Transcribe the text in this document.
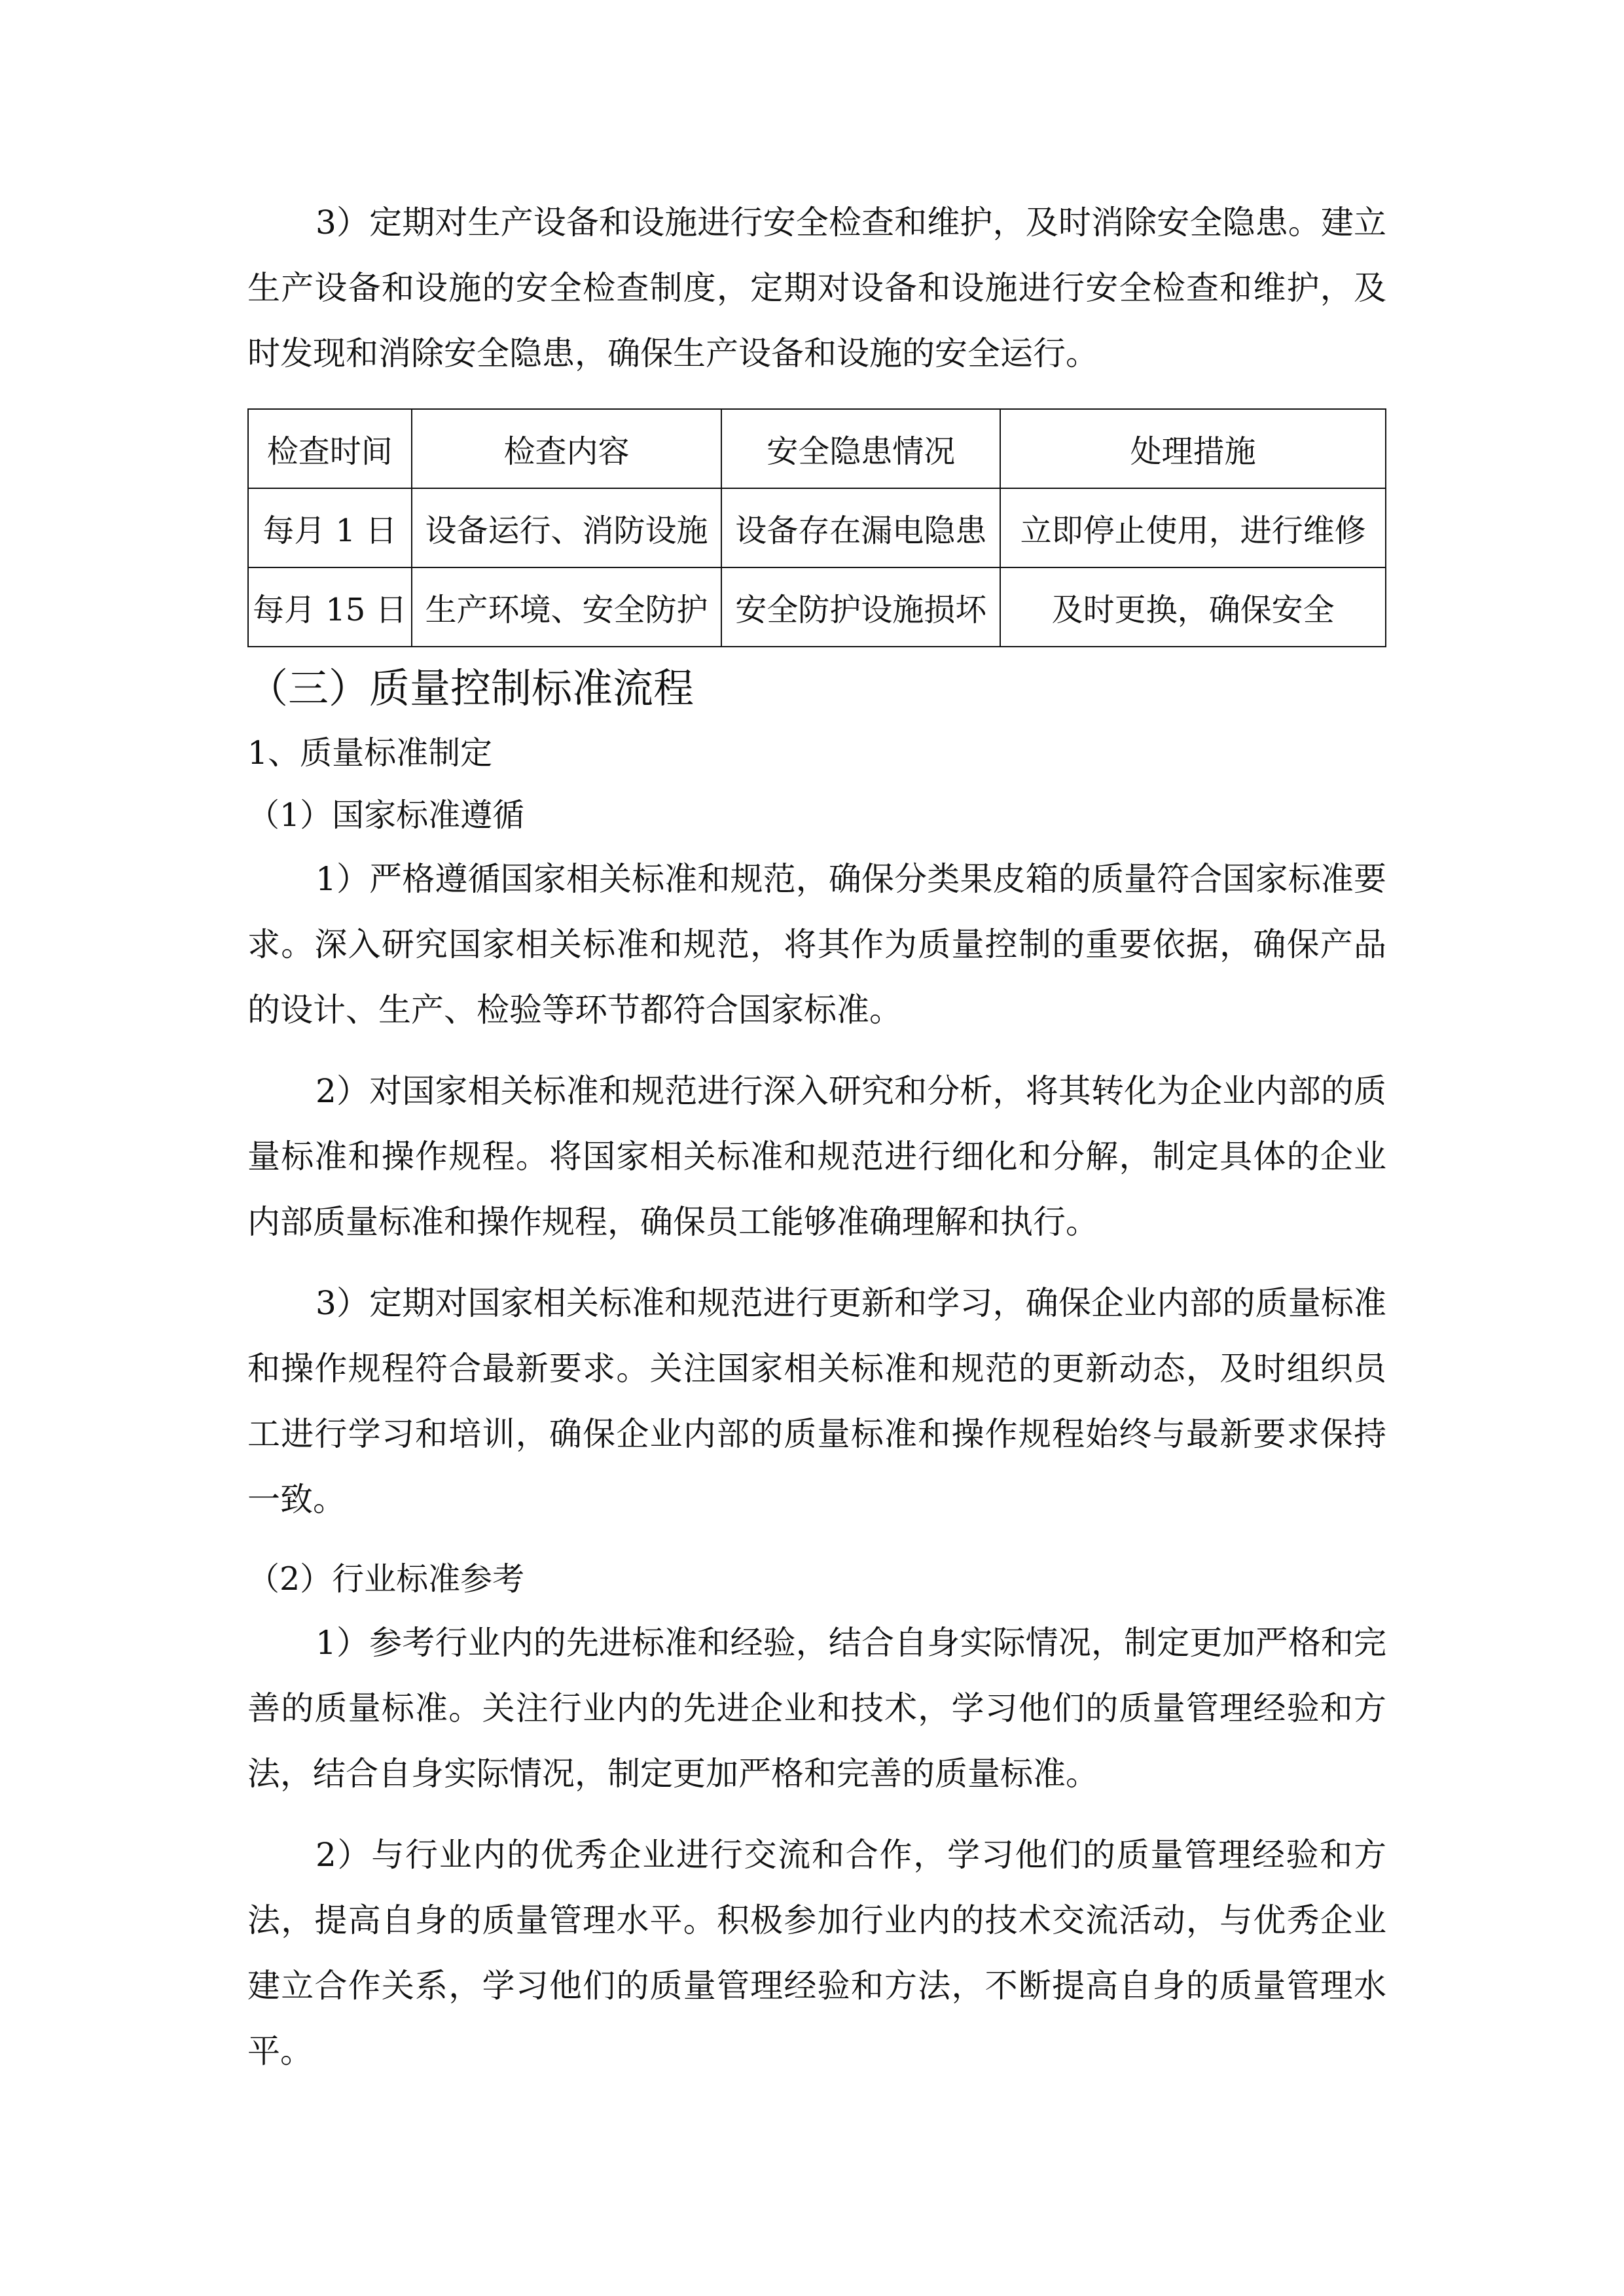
3）定期对生产设备和设施进行安全检查和维护，及时消除安全隐患。建立生产设备和设施的安全检查制度，定期对设备和设施进行安全检查和维护，及时发现和消除安全隐患，确保生产设备和设施的安全运行。

检查时间	检查内容	安全隐患情况	处理措施
每月 1 日	设备运行、消防设施	设备存在漏电隐患	立即停止使用，进行维修
每月 15 日	生产环境、安全防护	安全防护设施损坏	及时更换，确保安全

（三）质量控制标准流程

1、质量标准制定

（1）国家标准遵循

1）严格遵循国家相关标准和规范，确保分类果皮箱的质量符合国家标准要求。深入研究国家相关标准和规范，将其作为质量控制的重要依据，确保产品的设计、生产、检验等环节都符合国家标准。

2）对国家相关标准和规范进行深入研究和分析，将其转化为企业内部的质量标准和操作规程。将国家相关标准和规范进行细化和分解，制定具体的企业内部质量标准和操作规程，确保员工能够准确理解和执行。

3）定期对国家相关标准和规范进行更新和学习，确保企业内部的质量标准和操作规程符合最新要求。关注国家相关标准和规范的更新动态，及时组织员工进行学习和培训，确保企业内部的质量标准和操作规程始终与最新要求保持一致。

（2）行业标准参考

1）参考行业内的先进标准和经验，结合自身实际情况，制定更加严格和完善的质量标准。关注行业内的先进企业和技术，学习他们的质量管理经验和方法，结合自身实际情况，制定更加严格和完善的质量标准。

2）与行业内的优秀企业进行交流和合作，学习他们的质量管理经验和方法，提高自身的质量管理水平。积极参加行业内的技术交流活动，与优秀企业建立合作关系，学习他们的质量管理经验和方法，不断提高自身的质量管理水平。
